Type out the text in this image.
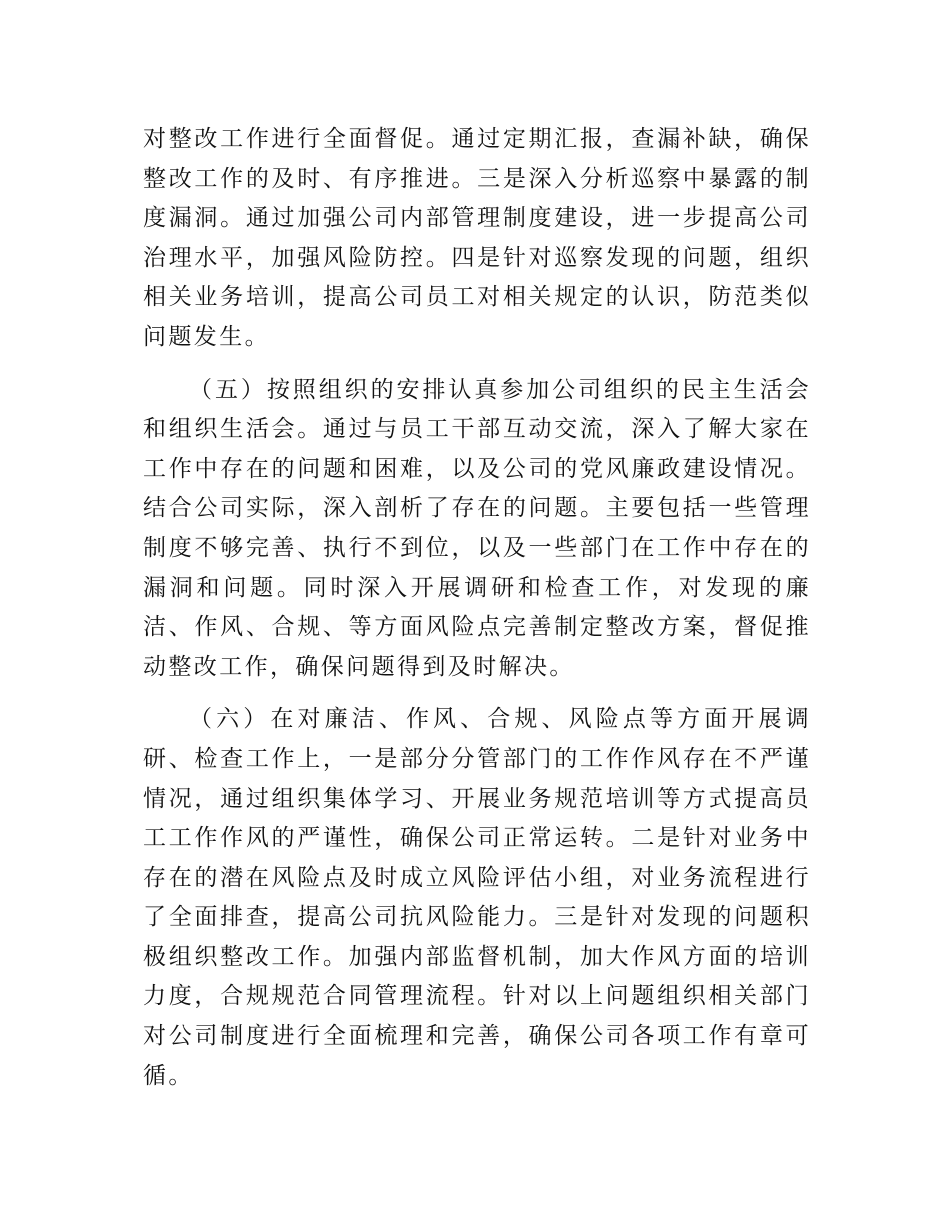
对整改工作进行全面督促。通过定期汇报，查漏补缺，确保整改工作的及时、有序推进。三是深入分析巡察中暴露的制度漏洞。通过加强公司内部管理制度建设，进一步提高公司治理水平，加强风险防控。四是针对巡察发现的问题，组织相关业务培训，提高公司员工对相关规定的认识，防范类似问题发生。

（五）按照组织的安排认真参加公司组织的民主生活会和组织生活会。通过与员工干部互动交流，深入了解大家在工作中存在的问题和困难，以及公司的党风廉政建设情况。结合公司实际，深入剖析了存在的问题。主要包括一些管理制度不够完善、执行不到位，以及一些部门在工作中存在的漏洞和问题。同时深入开展调研和检查工作，对发现的廉洁、作风、合规、等方面风险点完善制定整改方案，督促推动整改工作，确保问题得到及时解决。

（六）在对廉洁、作风、合规、风险点等方面开展调研、检查工作上，一是部分分管部门的工作作风存在不严谨情况，通过组织集体学习、开展业务规范培训等方式提高员工工作作风的严谨性，确保公司正常运转。二是针对业务中存在的潜在风险点及时成立风险评估小组，对业务流程进行了全面排查，提高公司抗风险能力。三是针对发现的问题积极组织整改工作。加强内部监督机制，加大作风方面的培训力度，合规规范合同管理流程。针对以上问题组织相关部门对公司制度进行全面梳理和完善，确保公司各项工作有章可循。
